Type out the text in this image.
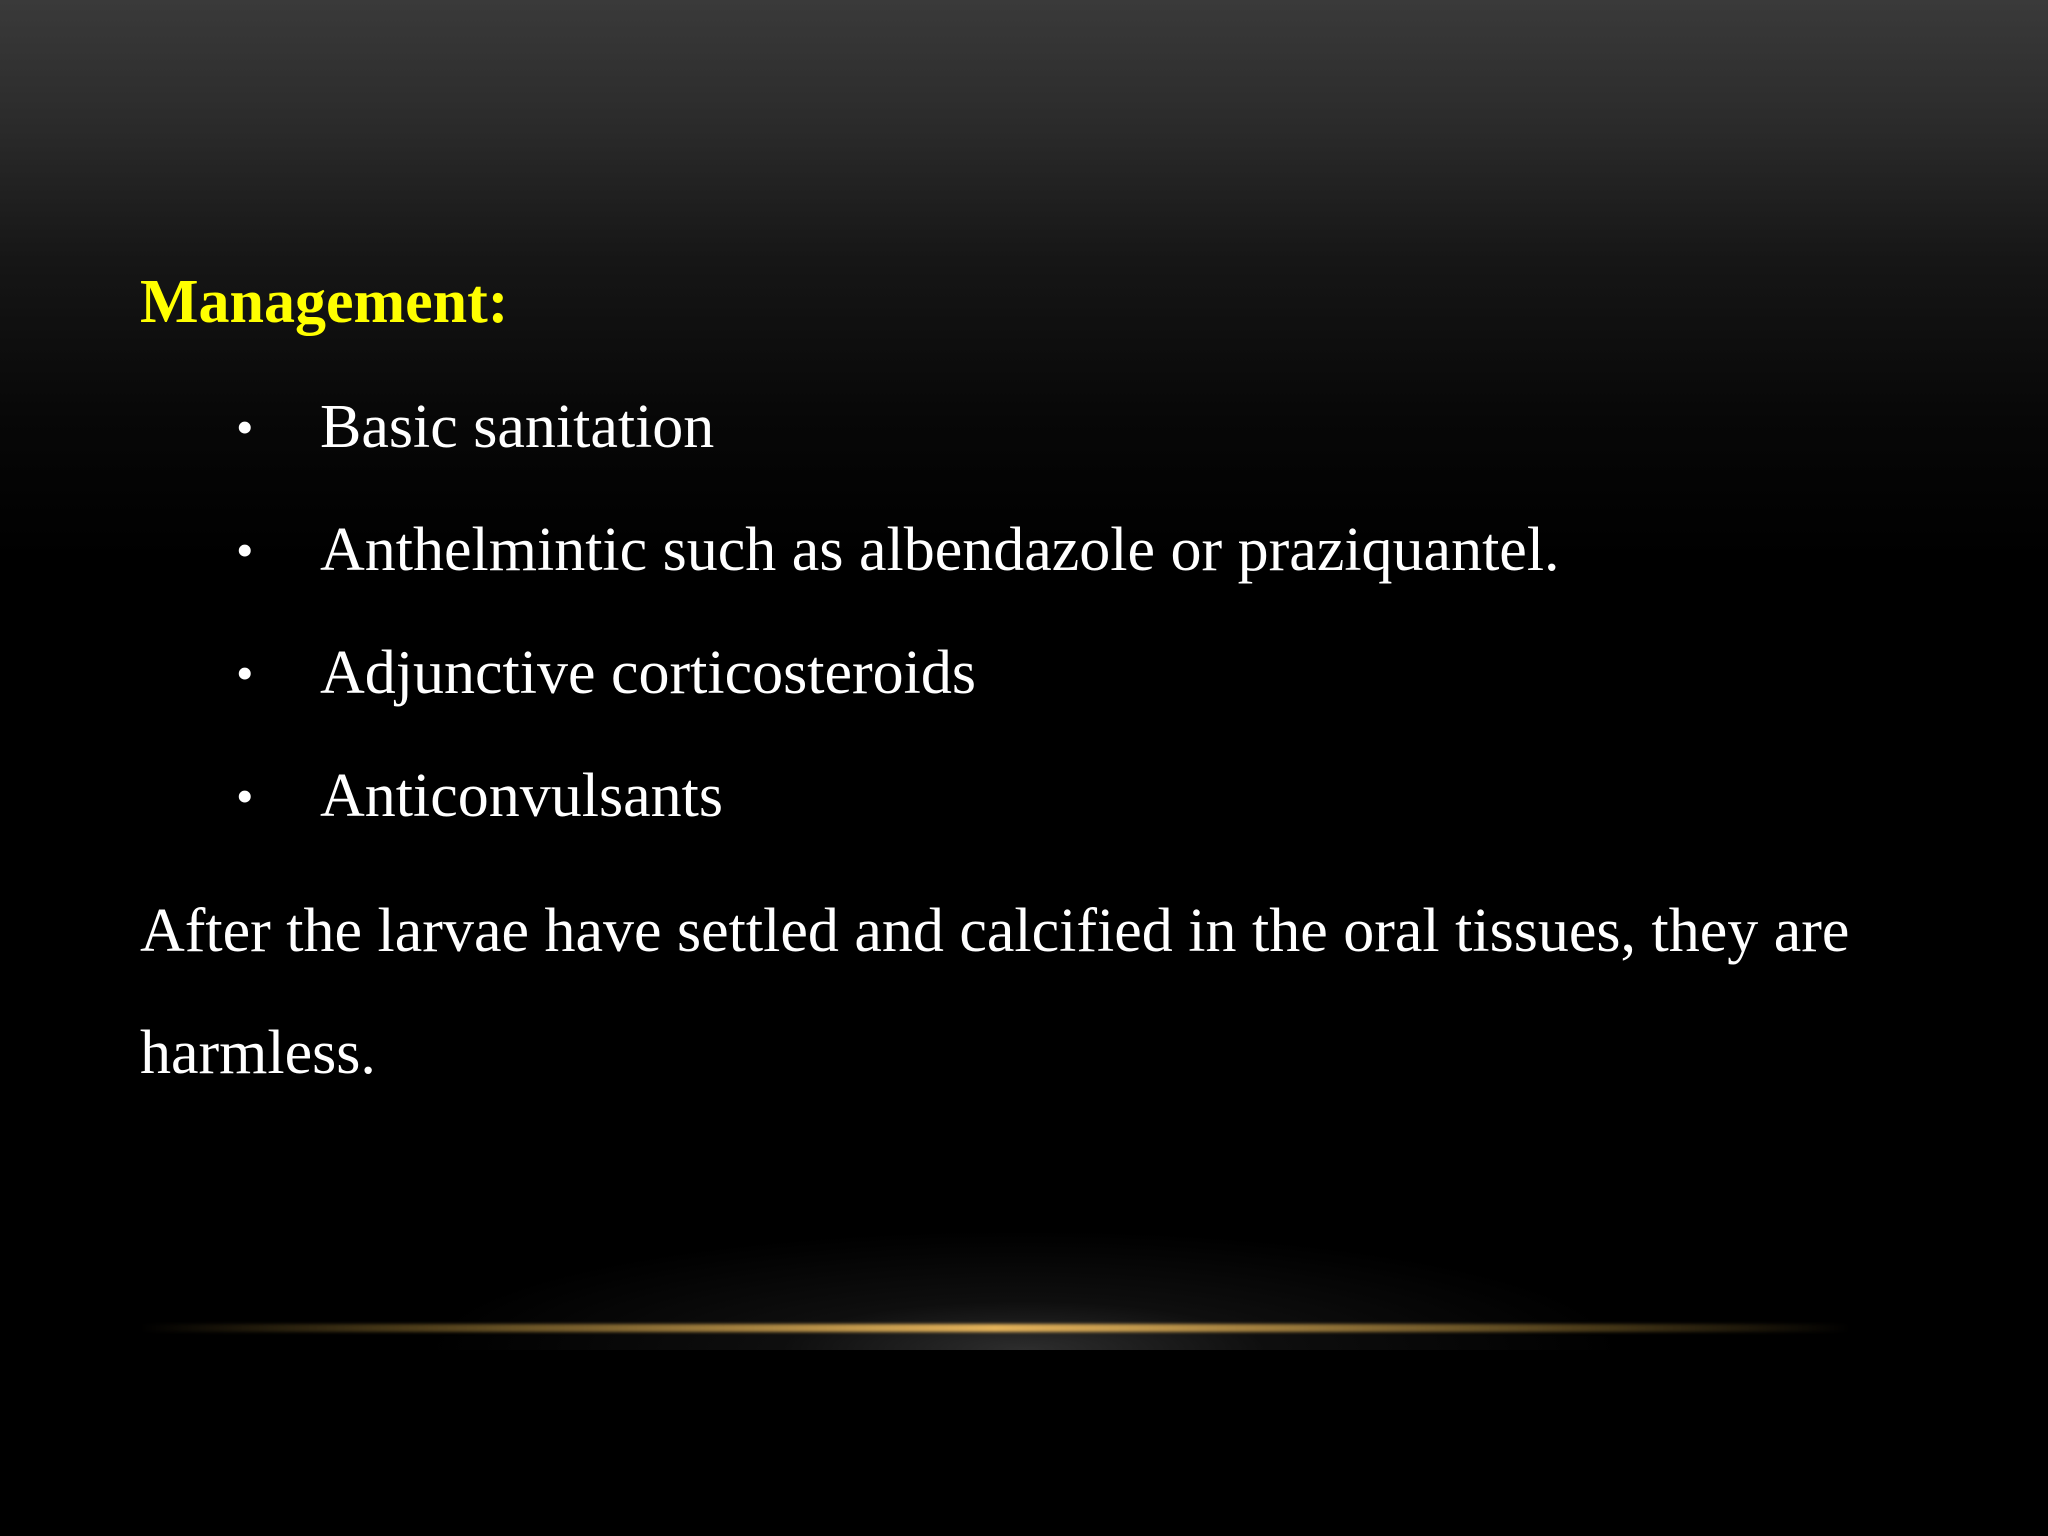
Management:
•	Basic sanitation
•	Anthelmintic such as albendazole or praziquantel.
•	Adjunctive corticosteroids
•	Anticonvulsants

After the larvae have settled and calcified in the oral tissues, they are harmless.
